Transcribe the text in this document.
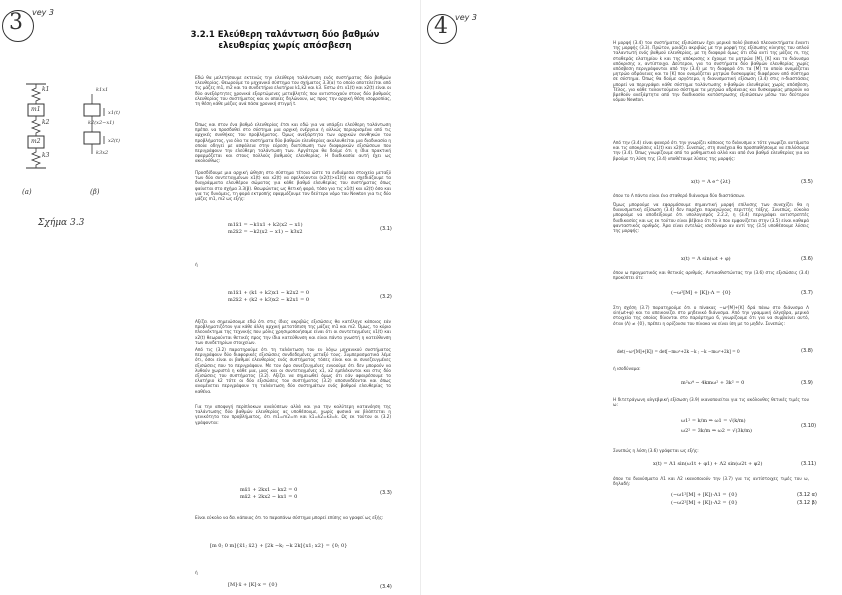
3 vey 3
3.2.1 Ελεύθερη ταλάντωση δύο βαθμών ελευθερίας χωρίς απόσβεση
k1
m1
k2
m2
k3
k1x1
x1(t)
k2(x2−x1)
x2(t)
k3x2
(a)	(β)
Σχήμα 3.3
Εδώ θα μελετήσουμε εκτενώς την ελεύθερη ταλάντωση ενός συστήματος δύο βαθμών ελευθερίας. Θεωρούμε το μηχανικό σύστημα του σχήματος 3.3(α) το οποίο αποτελείται από τις μάζες m1, m2 και τα συνδετήρια ελατήρια k1,k2 και k3. Έστω ότι x1(t) και x2(t) είναι οι δύο ανεξάρτητες χρονικά εξαρτώμενες μεταβλητές που αντιστοιχούν στους δύο βαθμούς ελευθερίας του συστήματος και οι οποίες δηλώνουν, ως προς την αρχική θέση ισορροπίας, τη θέση κάθε μάζας ανά πάσα χρονική στιγμή t.
Όπως και στον ένα βαθμό ελευθερίας έτσι και εδώ για να υπάρξει ελεύθερη ταλάντωση πρέπει να προσδοθεί στο σύστημα μια αρχική ενέργεια ή αλλιώς περιορισμένα από τις αρχικές συνθήκες του προβλήματος. Όμως ανεξάρτητα των αρχικών συνθηκών του προβλήματος, για όλα τα συστήματα δύο βαθμών ελευθερίας ακολουθείται μια διαδικασία η οποία οδηγεί με ασφάλεια στην εύρεση διατύπωση των διαφορικών εξισώσεων που περιγράφουν την ελεύθερη ταλάντωση των. Αργότερα θα δούμε ότι η ίδια πρακτική εφαρμόζεται και στους πολλούς βαθμούς ελευθερίας. Η διαδικασία αυτή έχει ως ακολούθως:
Προσδίδουμε μια αρχική ώθηση στο σύστημα τέτοια ώστε τα ενδιάμεσα στοιχεία μεταξύ των δύο συντεταγμένων x1(t) και x2(t) να εφελκύονται (x2(t)>x1(t)) και σχεδιάζουμε τα διαγράμματα ελευθέρου σώματος για κάθε βαθμό ελευθερίας του συστήματος όπως φαίνεται στο σχήμα 3.3(β). Θεωρώντας ως θετική φορά, τόσο για τις x1(t) και x2(t) όσο και για τις δυνάμεις, τη φορά εκτροπής εφαρμόζουμε τον δεύτερο νόμο του Newton για τις δύο μάζες m1, m2 ως εξής:
m1ẍ1 = −k1x1 + k2(x2 − x1)
m2ẍ2 = −k2(x2 − x1) − k3x2	(3.1)
ή
m1ẍ1 + (k1 + k2)x1 − k2x2 = 0
m2ẍ2 + (k2 + k3)x2 − k2x1 = 0	(3.2)
Αξίζει να σημειώσουμε εδώ ότι στις ίδιες ακριβώς εξισώσεις θα κατέληγε κάποιος εάν προβληματιζόταν για κάθε άλλη αρχική μετατόπιση της μάζας m1 και m2. Όμως, το κύριο πλεονέκτημα της τεχνικής που μόλις χρησιμοποιήσαμε είναι ότι οι συντεταγμένες x1(t) και x2(t) θεωρούνται θετικές προς την ίδια κατεύθυνση και είναι πάντα γνωστή η κατεύθυνση των συνδετηρίων στοιχείων.
Από τις (3.2) παρατηρούμε ότι τη ταλάντωση του εν λόγω μηχανικού συστήματος περιγράφουν δύο διαφορικές εξισώσεις συνδεδεμένες μεταξύ τους. Συμπερασματικά λέμε ότι, όσοι είναι οι βαθμοί ελευθερίας ενός συστήματος τόσες είναι και οι συνεζευγμένες εξισώσεις που το περιγράφουν. Με τον όρο συνεζευγμένες εννοούμε ότι δεν μπορούν να λυθούν χωριστά η κάθε μια, μιας και οι συντεταγμένες x1, x2 εμπλέκονται και στις δύο εξισώσεις του συστήματος (3.2). Αξίζει να σημειωθεί όμως ότι εάν αφαιρέσουμε το ελατήριο k2 τότε οι δύο εξισώσεις του συστήματος (3.2) αποσυνδέονται και όπως αναμένεται περιγράφουν τη ταλάντωση δύο συστημάτων ενός βαθμού ελευθερίας το καθένα.
Για την αποφυγή περίπλοκων αναλύσεων αλλά και για την καλύτερη κατανόηση της ταλάντωσης δύο βαθμών ελευθερίας ας υποθέσουμε, χωρίς φυσικά να βλάπτεται η γενικότητα του προβλήματος, ότι m1=m2=m και k1=k2=k3=k. Ως εκ τούτου οι (3.2) γράφονται:
mẍ1 + 2kx1 − kx2 = 0
mẍ2 + 2kx2 − kx1 = 0
(3.3)
Είναι εύκολο να δει κάποιος ότι το παραπάνω σύστημα μπορεί επίσης να γραφεί ως εξής:
[m 0; 0 m]{ẍ1; ẍ2} + [2k −k; −k 2k]{x1; x2} = {0; 0}
ή
[M]·ẍ + [K]·x = {0}	(3.4)
4 vey 3
Η μορφή (3.4) του συστήματος εξισώσεων έχει μερικά πολύ βασικά πλεονεκτήματα έναντι της μορφής (3.3). Πρώτον, μοιάζει ακριβώς με την μορφή της εξίσωσης κίνησης του απλού ταλαντωτή ενός βαθμού ελευθερίας, με τη διαφορά όμως ότι εδώ αντί της μάζας m, της σταθεράς ελατηρίου k και της απόκρισης x έχουμε τα μητρώα [M], [K] και το διάνυσμα απόκρισης x, αντίστοιχα. Δεύτερον, για τα συστήματα δύο βαθμών ελευθερίας χωρίς απόσβεση περιγράφονται από την (3.4) με τη διαφορά ότι τα [M] το οποίο ονομάζεται μητρώο αδράνειας και το [K] που ονομάζεται μητρώο δυσκαμψίας διαφέρουν από σύστημα σε σύστημα. Όπως θα δούμε αργότερα, η διανυσματική εξίσωση (3.4) στις n-διαστάσεις μπορεί να περιγράψει κάθε σύστημα ταλάντωσης n-βαθμών ελευθερίας χωρίς απόσβεση. Τέλος, για κάθε ταλαντούμενο σύστημα τα μητρώα αδράνειας και δυσκαμψίας μπορούν να βρεθούν ανεξάρτητα από την διαδικασία κατάστρωσης εξισώσεων μέσω του δεύτερου νόμου Newton.
Από την (3.4) είναι φανερό ότι την γνωρίζει κάποιος το διάνυσμα x τότε γνωρίζει αυτόματα και τις αποκρίσεις x1(t) και x2(t). Συνεπώς, στη συνέχεια θα προσπαθήσουμε να επιλύσουμε την (3.4). Όπως γνωρίζουμε από τα μαθηματικά αλλά και από ένα βαθμό ελευθερίας για να βρούμε τη λύση της (3.4) υποθέτουμε λύσεις της μορφής:
x(t) = Λ e^{λt}	(3.5)
όπου το Λ πάντα είναι ένα σταθερό διάνυσμα δύο διαστάσεων.
Όμως μπορούμε να εφαρμόσουμε σημαντική μορφή επίλυσης των συνεχίζει θα η διανυσματική εξίσωση (3.4) δεν παρέχει παραγώγους περιττής τάξης. Συνεπώς, εύκολα μπορούμε να αποδείξουμε ότι υπολογισμός 2.2.2, η (3.4) περιγράφει αντιστρεπτές διαδικασίες και ως εκ τούτου είναι βέβαιο ότι το λ που εμφανίζεται στην (3.5) είναι καθαρά φανταστικός αριθμός. Άρα είναι εντελώς ισοδύναμο αν αντί της (3.5) υποθέσουμε λύσεις της μορφής:
x(t) = Λ sin(ωt + φ)	(3.6)
όπου ω πραγματικός και θετικός αριθμός. Αντικαθιστώντας την (3.6) στις εξισώσεις (3.4) προκύπτει ότι:
(−ω²[M] + [K])·Λ = {0}	(3.7)
Στη σχέση (3.7) παρατηρούμε ότι ο πίνακας −ω²[M]+[K] δρά πάνω στο διάνυσμα Λ sin(ωt+φ) και τα απεικονίζει στο μηδενικό διάνυσμα. Από την γραμμική άλγεβρα, μερικά στοιχεία της οποίας δίνονται στο παράρτημα 6, γνωρίζουμε ότι για να συμβαίνει αυτό, όταν (Λ) ≠ {0}, πρέπει η ορίζουσα του πίνακα να είναι ίση με το μηδέν. Συνεπώς:
det(−ω²[M]+[K]) = det[−mω²+2k −k ; −k −mω²+2k] = 0	(3.8)
ή ισοδύναμα:
m²ω⁴ − 4kmω² + 3k² = 0	(3.9)
Η διτετράγωνη αλγεβρική εξίσωση (3.9) ικανοποιείται για τις ακόλουθες θετικές τιμές του ω:
ω1² = k/m ⇒ ω1 = √(k/m)
ω2² = 3k/m ⇒ ω2 = √(3k/m)
(3.10)
Συνεπώς η λύση (3.6) γράφεται ως εξής:
x(t) = Λ1 sin(ω1t + φ1) + Λ2 sin(ω2t + φ2)	(3.11)
όπου τα διανύσματα Λ1 και Λ2 ικανοποιούν την (3.7) για τις αντίστοιχες τιμές του ω, δηλαδή:
(−ω1²[M] + [K])·Λ1 = {0}	(3.12 α)
(−ω2²[M] + [K])·Λ2 = {0}	(3.12 β)
